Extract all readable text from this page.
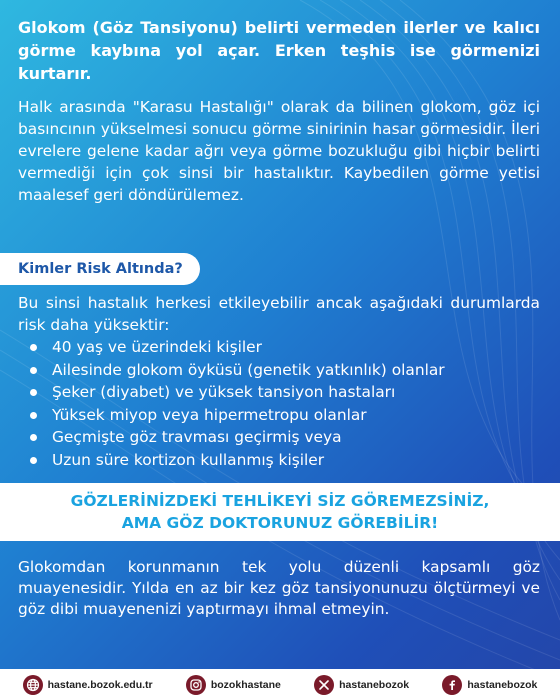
Glokom (Göz Tansiyonu) belirti vermeden ilerler ve kalıcı görme kaybına yol açar. Erken teşhis ise görmenizi kurtarır.
Halk arasında "Karasu Hastalığı" olarak da bilinen glokom, göz içi basıncının yükselmesi sonucu görme sinirinin hasar görmesidir. İleri evrelere gelene kadar ağrı veya görme bozukluğu gibi hiçbir belirti vermediği için çok sinsi bir hastalıktır. Kaybedilen görme yetisi maalesef geri döndürülemez.
Kimler Risk Altında?
Bu sinsi hastalık herkesi etkileyebilir ancak aşağıdaki durumlarda risk daha yüksektir:
40 yaş ve üzerindeki kişiler
Ailesinde glokom öyküsü (genetik yatkınlık) olanlar
Şeker (diyabet) ve yüksek tansiyon hastaları
Yüksek miyop veya hipermetropu olanlar
Geçmişte göz travması geçirmiş veya
Uzun süre kortizon kullanmış kişiler
GÖZLERİNİZDEKİ TEHLİKEYİ SİZ GÖREMEZSİNİZ,
AMA GÖZ DOKTORUNUZ GÖREBİLİR!
Glokomdan korunmanın tek yolu düzenli kapsamlı göz muayenesidir. Yılda en az bir kez göz tansiyonunuzu ölçtürmeyi ve göz dibi muayenenizi yaptırmayı ihmal etmeyin.
hastane.bozok.edu.tr	bozokhastane	hastanebozok	hastanebozok
